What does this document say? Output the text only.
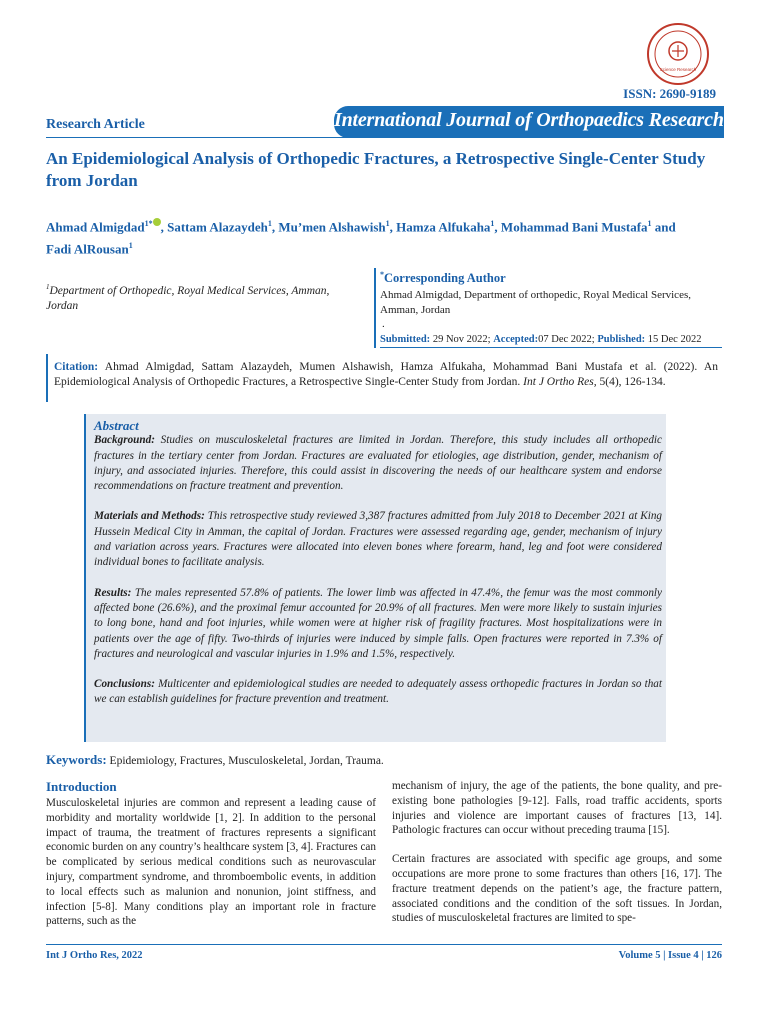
Science Research
ISSN: 2690-9189
Research Article	International Journal of Orthopaedics Research
An Epidemiological Analysis of Orthopedic Fractures, a Retrospective Single-Center Study from Jordan
Ahmad Almigdad$^{1*}$ , Sattam Alazaydeh$^1$, Mu’men Alshawish$^1$, Hamza Alfukaha$^1$, Mohammad Bani Mustafa$^1$ and
Fadi AlRousan$^1$
$^1$Department of Orthopedic, Royal Medical Services, Amman, Jordan
*Corresponding Author
Ahmad Almigdad, Department of orthopedic, Royal Medical Services, Amman, Jordan
.
Submitted: 29 Nov 2022; Accepted:07 Dec 2022; Published: 15 Dec 2022
Citation: Ahmad Almigdad, Sattam Alazaydeh, Mumen Alshawish, Hamza Alfukaha, Mohammad Bani Mustafa et al. (2022). An Epidemiological Analysis of Orthopedic Fractures, a Retrospective Single-Center Study from Jordan. Int J Ortho Res, 5(4), 126-134.
Abstract

Background: Studies on musculoskeletal fractures are limited in Jordan. Therefore, this study includes all orthopedic fractures in the tertiary center from Jordan. Fractures are evaluated for etiologies, age distribution, gender, mechanism of injury, and associated injuries. Therefore, this could assist in discovering the needs of our healthcare system and endorse recommendations on fracture treatment and prevention.

Materials and Methods: This retrospective study reviewed 3,387 fractures admitted from July 2018 to December 2021 at King Hussein Medical City in Amman, the capital of Jordan. Fractures were assessed regarding age, gender, mechanism of injury and variation across years. Fractures were allocated into eleven bones where forearm, hand, leg and foot were considered individual bones to facilitate analysis.

Results: The males represented 57.8% of patients. The lower limb was affected in 47.4%, the femur was the most commonly affected bone (26.6%), and the proximal femur accounted for 20.9% of all fractures. Men were more likely to sustain injuries to long bone, hand and foot injuries, while women were at higher risk of fragility fractures. Most hospitalizations were in patients over the age of fifty. Two-thirds of injuries were induced by simple falls. Open fractures were reported in 7.3% of fractures and neurological and vascular injuries in 1.9% and 1.5%, respectively.

Conclusions: Multicenter and epidemiological studies are needed to adequately assess orthopedic fractures in Jordan so that we can establish guidelines for fracture prevention and treatment.

Keywords: Epidemiology, Fractures, Musculoskeletal, Jordan, Trauma.
Introduction
Musculoskeletal injuries are common and represent a leading cause of morbidity and mortality worldwide [1, 2]. In addition to the personal impact of trauma, the treatment of fractures represents a significant economic burden on any country’s healthcare system [3, 4]. Fractures can be complicated by serious medical conditions such as neurovascular injury, compartment syndrome, and thromboembolic events, in addition to local effects such as malunion and nonunion, joint stiffness, and infection [5-8]. Many conditions play an important role in fracture patterns, such as the

mechanism of injury, the age of the patients, the bone quality, and pre-existing bone pathologies [9-12]. Falls, road traffic accidents, sports injuries and violence are important causes of fractures [13, 14]. Pathologic fractures can occur without preceding trauma [15].

Certain fractures are associated with specific age groups, and some occupations are more prone to some fractures than others [16, 17]. The fracture treatment depends on the patient’s age, the fracture pattern, associated conditions and the condition of the soft tissues. In Jordan, studies of musculoskeletal fractures are limited to spe-

Int J Ortho Res, 2022	Volume 5 | Issue 4 | 126
